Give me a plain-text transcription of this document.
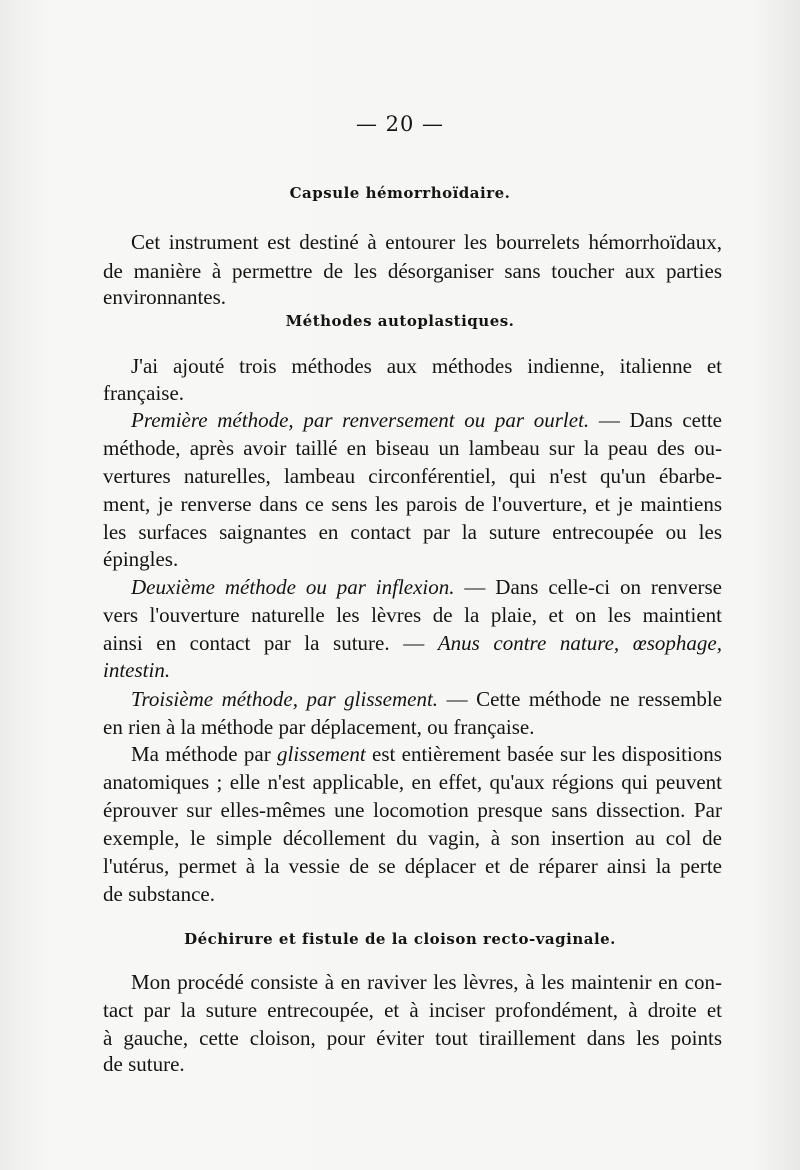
— 20 —
Capsule hémorrhoïdaire.
Cet instrument est destiné à entourer les bourrelets hémorrhoïdaux,
de manière à permettre de les désorganiser sans toucher aux parties
environnantes.
Méthodes autoplastiques.
J'ai ajouté trois méthodes aux méthodes indienne, italienne et
française.
Première méthode, par renversement ou par ourlet. — Dans cette
méthode, après avoir taillé en biseau un lambeau sur la peau des ou-
vertures naturelles, lambeau circonférentiel, qui n'est qu'un ébarbe-
ment, je renverse dans ce sens les parois de l'ouverture, et je maintiens
les surfaces saignantes en contact par la suture entrecoupée ou les
épingles.
Deuxième méthode ou par inflexion. — Dans celle-ci on renverse
vers l'ouverture naturelle les lèvres de la plaie, et on les maintient
ainsi en contact par la suture. — Anus contre nature, œsophage,
intestin.
Troisième méthode, par glissement. — Cette méthode ne ressemble
en rien à la méthode par déplacement, ou française.
Ma méthode par glissement est entièrement basée sur les dispositions
anatomiques ; elle n'est applicable, en effet, qu'aux régions qui peuvent
éprouver sur elles-mêmes une locomotion presque sans dissection. Par
exemple, le simple décollement du vagin, à son insertion au col de
l'utérus, permet à la vessie de se déplacer et de réparer ainsi la perte
de substance.
Déchirure et fistule de la cloison recto-vaginale.
Mon procédé consiste à en raviver les lèvres, à les maintenir en con-
tact par la suture entrecoupée, et à inciser profondément, à droite et
à gauche, cette cloison, pour éviter tout tiraillement dans les points
de suture.
